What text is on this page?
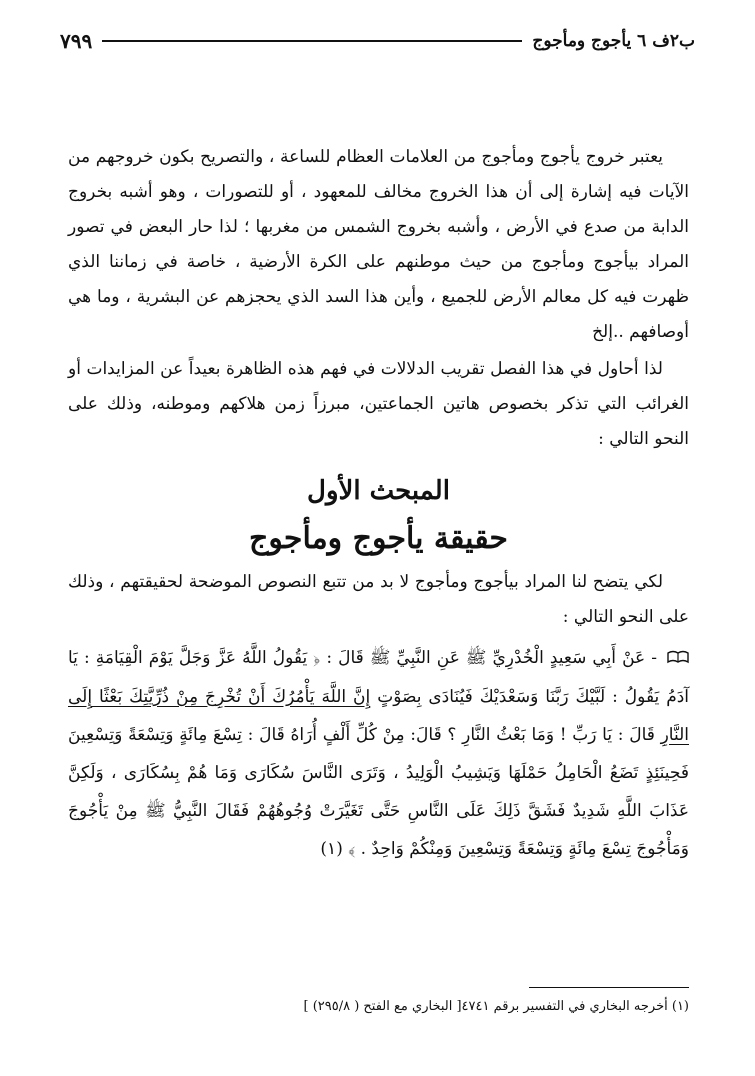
ب٢ف ٦ يأجوج ومأجوج
٧٩٩

يعتبر خروج يأجوج ومأجوج من العلامات العظام للساعة ، والتصريح بكون خروجهم من الآيات فيه إشارة إلى أن هذا الخروج مخالف للمعهود ، أو للتصورات ، وهو أشبه بخروج الدابة من صدع في الأرض ، وأشبه بخروج الشمس من مغربها ؛ لذا حار البعض في تصور المراد بيأجوج ومأجوج من حيث موطنهم على الكرة الأرضية ، خاصة في زماننا الذي ظهرت فيه كل معالم الأرض للجميع ، وأين هذا السد الذي يحجزهم عن البشرية ، وما هي أوصافهم ..إلخ

لذا أحاول في هذا الفصل تقريب الدلالات في فهم هذه الظاهرة بعيداً عن المزايدات أو الغرائب التي تذكر بخصوص هاتين الجماعتين، مبرزاً زمن هلاكهم وموطنه، وذلك على النحو التالي :

المبحث الأول
حقيقة يأجوج ومأجوج

لكي يتضح لنا المراد بيأجوج ومأجوج لا بد من تتبع النصوص الموضحة لحقيقتهم ، وذلك على النحو التالي :

- عَنْ أَبِي سَعِيدٍ الْخُدْرِيِّ ﷺ عَنِ النَّبِيِّ ﷺ قَالَ : ﴿ يَقُولُ اللَّهُ عَزَّ وَجَلَّ يَوْمَ الْقِيَامَةِ : يَا آدَمُ يَقُولُ : لَبَّيْكَ رَبَّنَا وَسَعْدَيْكَ فَيُنَادَى بِصَوْتٍ إِنَّ اللَّهَ يَأْمُرُكَ أَنْ تُخْرِجَ مِنْ ذُرِّيَّتِكَ بَعْثًا إِلَى النَّارِ قَالَ : يَا رَبِّ ! وَمَا بَعْثُ النَّارِ ؟ قَالَ: مِنْ كُلِّ أَلْفٍ أُرَاهُ قَالَ : تِسْعَ مِائَةٍ وَتِسْعَةً وَتِسْعِينَ فَحِينَئِذٍ تَضَعُ الْحَامِلُ حَمْلَهَا وَيَشِيبُ الْوَلِيدُ ، وَتَرَى النَّاسَ سُكَارَى وَمَا هُمْ بِسُكَارَى ، وَلَكِنَّ عَذَابَ اللَّهِ شَدِيدٌ فَشَقَّ ذَلِكَ عَلَى النَّاسِ حَتَّى تَغَيَّرَتْ وُجُوهُهُمْ فَقَالَ النَّبِيُّ ﷺ مِنْ يَأْجُوجَ وَمَأْجُوجَ تِسْعَ مِائَةٍ وَتِسْعَةً وَتِسْعِينَ وَمِنْكُمْ وَاحِدٌ . ﴾ (١)

(١) أخرجه البخاري في التفسير برقم ٤٧٤١[ البخاري مع الفتح ( ٢٩٥/٨) ]
